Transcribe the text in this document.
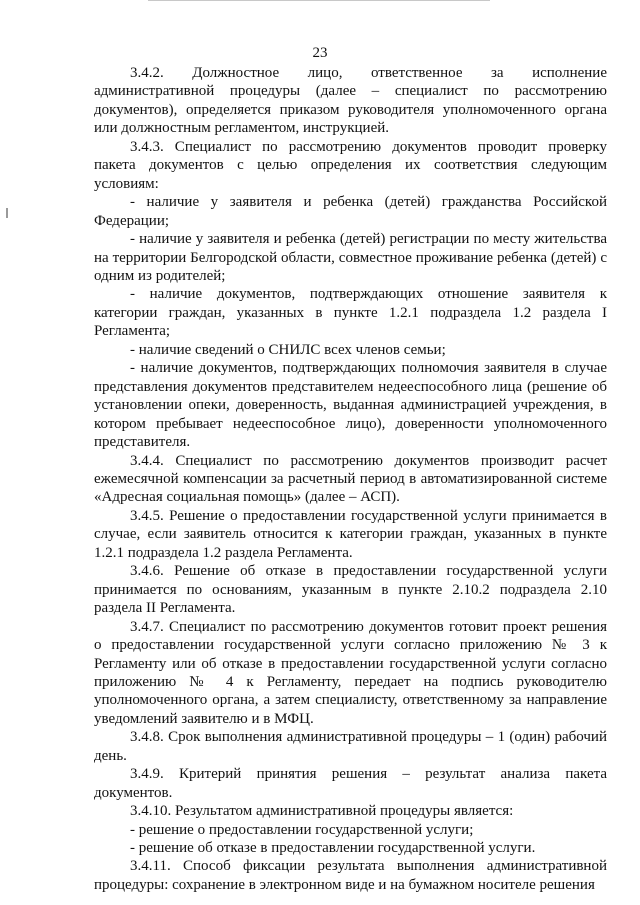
23

3.4.2. Должностное лицо, ответственное за исполнение административной процедуры (далее – специалист по рассмотрению документов), определяется приказом руководителя уполномоченного органа или должностным регламентом, инструкцией.

3.4.3. Специалист по рассмотрению документов проводит проверку пакета документов с целью определения их соответствия следующим условиям:

- наличие у заявителя и ребенка (детей) гражданства Российской Федерации;

- наличие у заявителя и ребенка (детей) регистрации по месту жительства на территории Белгородской области, совместное проживание ребенка (детей) с одним из родителей;

- наличие документов, подтверждающих отношение заявителя к категории граждан, указанных в пункте 1.2.1 подраздела 1.2 раздела I Регламента;

- наличие сведений о СНИЛС всех членов семьи;

- наличие документов, подтверждающих полномочия заявителя в случае представления документов представителем недееспособного лица (решение об установлении опеки, доверенность, выданная администрацией учреждения, в котором пребывает недееспособное лицо), доверенности уполномоченного представителя.

3.4.4. Специалист по рассмотрению документов производит расчет ежемесячной компенсации за расчетный период в автоматизированной системе «Адресная социальная помощь» (далее – АСП).

3.4.5. Решение о предоставлении государственной услуги принимается в случае, если заявитель относится к категории граждан, указанных в пункте 1.2.1 подраздела 1.2 раздела Регламента.

3.4.6. Решение об отказе в предоставлении государственной услуги принимается по основаниям, указанным в пункте 2.10.2 подраздела 2.10 раздела II Регламента.

3.4.7. Специалист по рассмотрению документов готовит проект решения о предоставлении государственной услуги согласно приложению № 3 к Регламенту или об отказе в предоставлении государственной услуги согласно приложению № 4 к Регламенту, передает на подпись руководителю уполномоченного органа, а затем специалисту, ответственному за направление уведомлений заявителю и в МФЦ.

3.4.8. Срок выполнения административной процедуры – 1 (один) рабочий день.

3.4.9. Критерий принятия решения – результат анализа пакета документов.

3.4.10. Результатом административной процедуры является:

- решение о предоставлении государственной услуги;

- решение об отказе в предоставлении государственной услуги.

3.4.11. Способ фиксации результата выполнения административной процедуры: сохранение в электронном виде и на бумажном носителе решения
